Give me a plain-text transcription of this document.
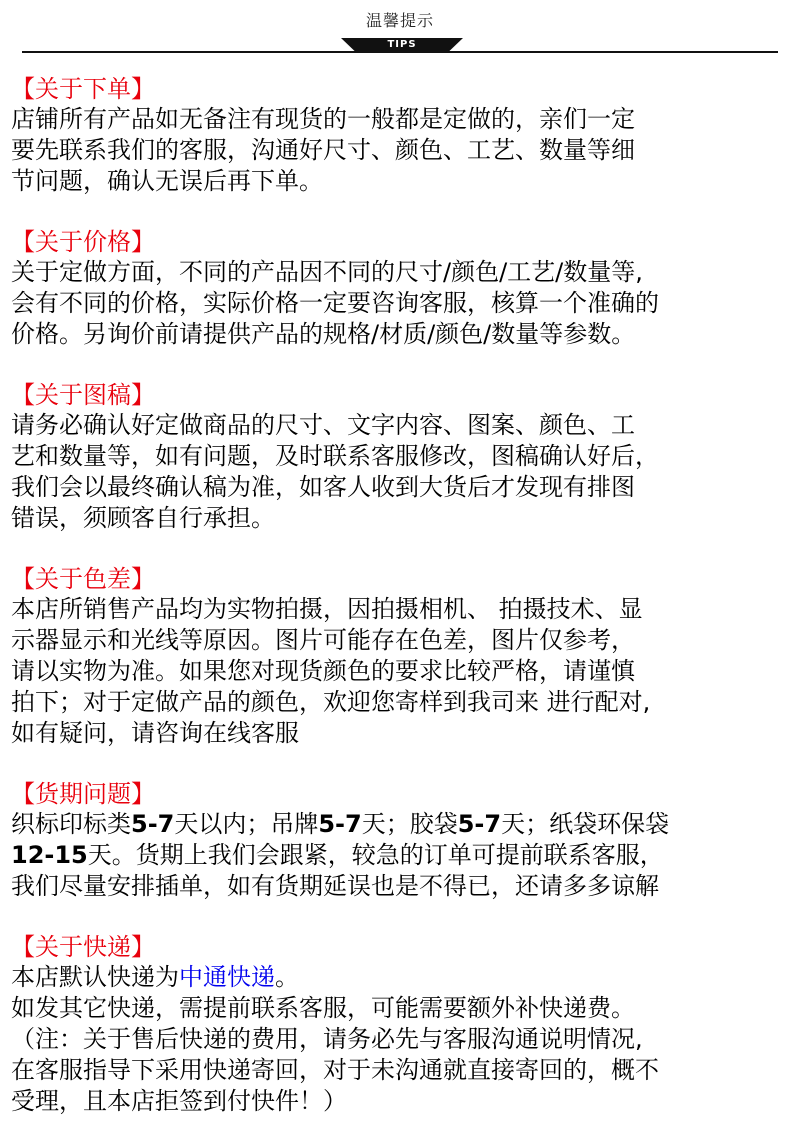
温馨提示
TIPS
【关于下单】
店铺所有产品如无备注有现货的一般都是定做的，亲们一定
要先联系我们的客服，沟通好尺寸、颜色、工艺、数量等细
节问题，确认无误后再下单。
【关于价格】
关于定做方面，不同的产品因不同的尺寸/颜色/工艺/数量等,
会有不同的价格，实际价格一定要咨询客服，核算一个准确的
价格。另询价前请提供产品的规格/材质/颜色/数量等参数。
【关于图稿】
请务必确认好定做商品的尺寸、文字内容、图案、颜色、工
艺和数量等，如有问题，及时联系客服修改，图稿确认好后，
我们会以最终确认稿为准，如客人收到大货后才发现有排图
错误，须顾客自行承担。
【关于色差】
本店所销售产品均为实物拍摄，因拍摄相机、 拍摄技术、显
示器显示和光线等原因。图片可能存在色差，图片仅参考，
请以实物为准。如果您对现货颜色的要求比较严格，请谨慎
拍下；对于定做产品的颜色，欢迎您寄样到我司来 进行配对,
如有疑问，请咨询在线客服
【货期问题】
织标印标类5-7天以内；吊牌5-7天；胶袋5-7天；纸袋环保袋
12-15天。货期上我们会跟紧，较急的订单可提前联系客服，
我们尽量安排插单，如有货期延误也是不得已，还请多多谅解
【关于快递】
本店默认快递为中通快递。
如发其它快递，需提前联系客服，可能需要额外补快递费。
（注：关于售后快递的费用，请务必先与客服沟通说明情况,
在客服指导下采用快递寄回，对于未沟通就直接寄回的，概不
受理，且本店拒签到付快件！）
